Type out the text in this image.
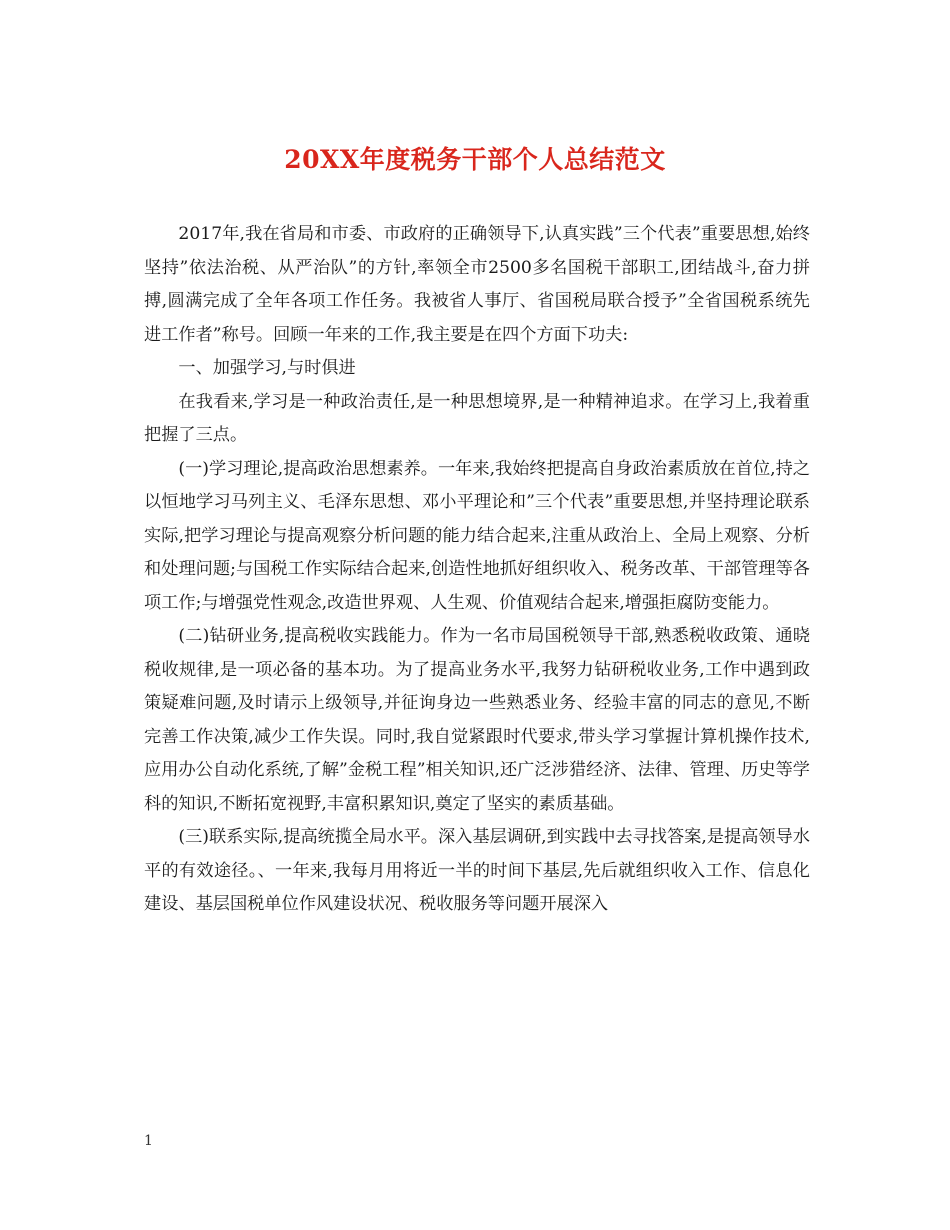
20XX年度税务干部个人总结范文

2017年,我在省局和市委、市政府的正确领导下,认真实践”三个代表”重要思想,始终坚持”依法治税、从严治队”的方针,率领全市2500多名国税干部职工,团结战斗,奋力拼搏,圆满完成了全年各项工作任务。我被省人事厅、省国税局联合授予”全省国税系统先进工作者”称号。回顾一年来的工作,我主要是在四个方面下功夫:

一、加强学习,与时俱进

在我看来,学习是一种政治责任,是一种思想境界,是一种精神追求。在学习上,我着重把握了三点。

(一)学习理论,提高政治思想素养。一年来,我始终把提高自身政治素质放在首位,持之以恒地学习马列主义、毛泽东思想、邓小平理论和”三个代表”重要思想,并坚持理论联系实际,把学习理论与提高观察分析问题的能力结合起来,注重从政治上、全局上观察、分析和处理问题;与国税工作实际结合起来,创造性地抓好组织收入、税务改革、干部管理等各项工作;与增强党性观念,改造世界观、人生观、价值观结合起来,增强拒腐防变能力。

(二)钻研业务,提高税收实践能力。作为一名市局国税领导干部,熟悉税收政策、通晓税收规律,是一项必备的基本功。为了提高业务水平,我努力钻研税收业务,工作中遇到政策疑难问题,及时请示上级领导,并征询身边一些熟悉业务、经验丰富的同志的意见,不断完善工作决策,减少工作失误。同时,我自觉紧跟时代要求,带头学习掌握计算机操作技术,应用办公自动化系统,了解”金税工程”相关知识,还广泛涉猎经济、法律、管理、历史等学科的知识,不断拓宽视野,丰富积累知识,奠定了坚实的素质基础。

(三)联系实际,提高统揽全局水平。深入基层调研,到实践中去寻找答案,是提高领导水平的有效途径。、一年来,我每月用将近一半的时间下基层,先后就组织收入工作、信息化建设、基层国税单位作风建设状况、税收服务等问题开展深入

1
